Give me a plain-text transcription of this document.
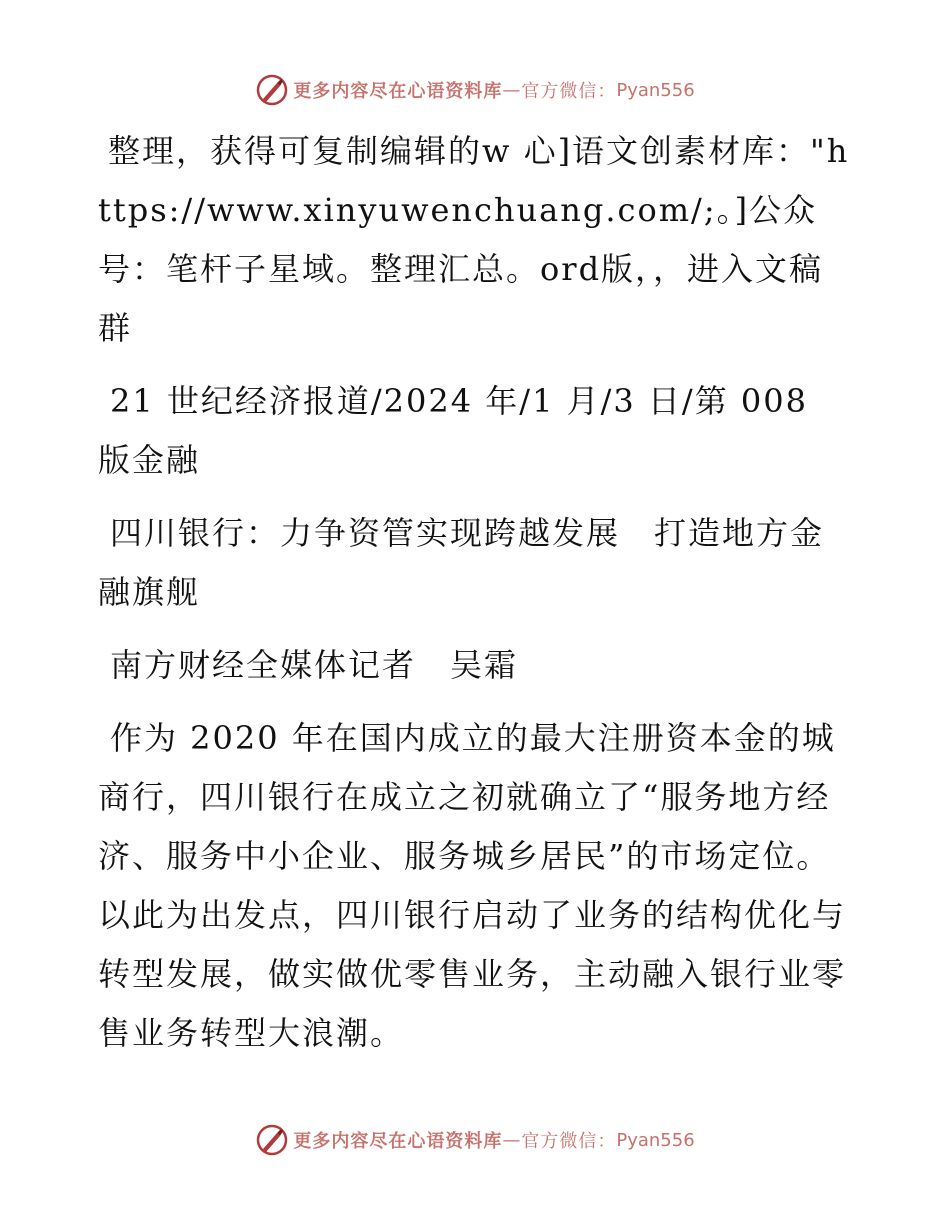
更多内容尽在心语资料库 — 官方微信： Pyan556

整理，获得可复制编辑的w 心]语文创素材库："https://www.xinyuwenchuang.com/;。]公众号：笔杆子星域。整理汇总。ord版，，进入文稿群

21 世纪经济报道/2024 年/1 月/3 日/第 008 版金融

四川银行：力争资管实现跨越发展　打造地方金融旗舰

南方财经全媒体记者　吴霜

作为 2020 年在国内成立的最大注册资本金的城商行，四川银行在成立之初就确立了“服务地方经济、服务中小企业、服务城乡居民”的市场定位。以此为出发点，四川银行启动了业务的结构优化与转型发展，做实做优零售业务，主动融入银行业零售业务转型大浪潮。

更多内容尽在心语资料库 — 官方微信： Pyan556
